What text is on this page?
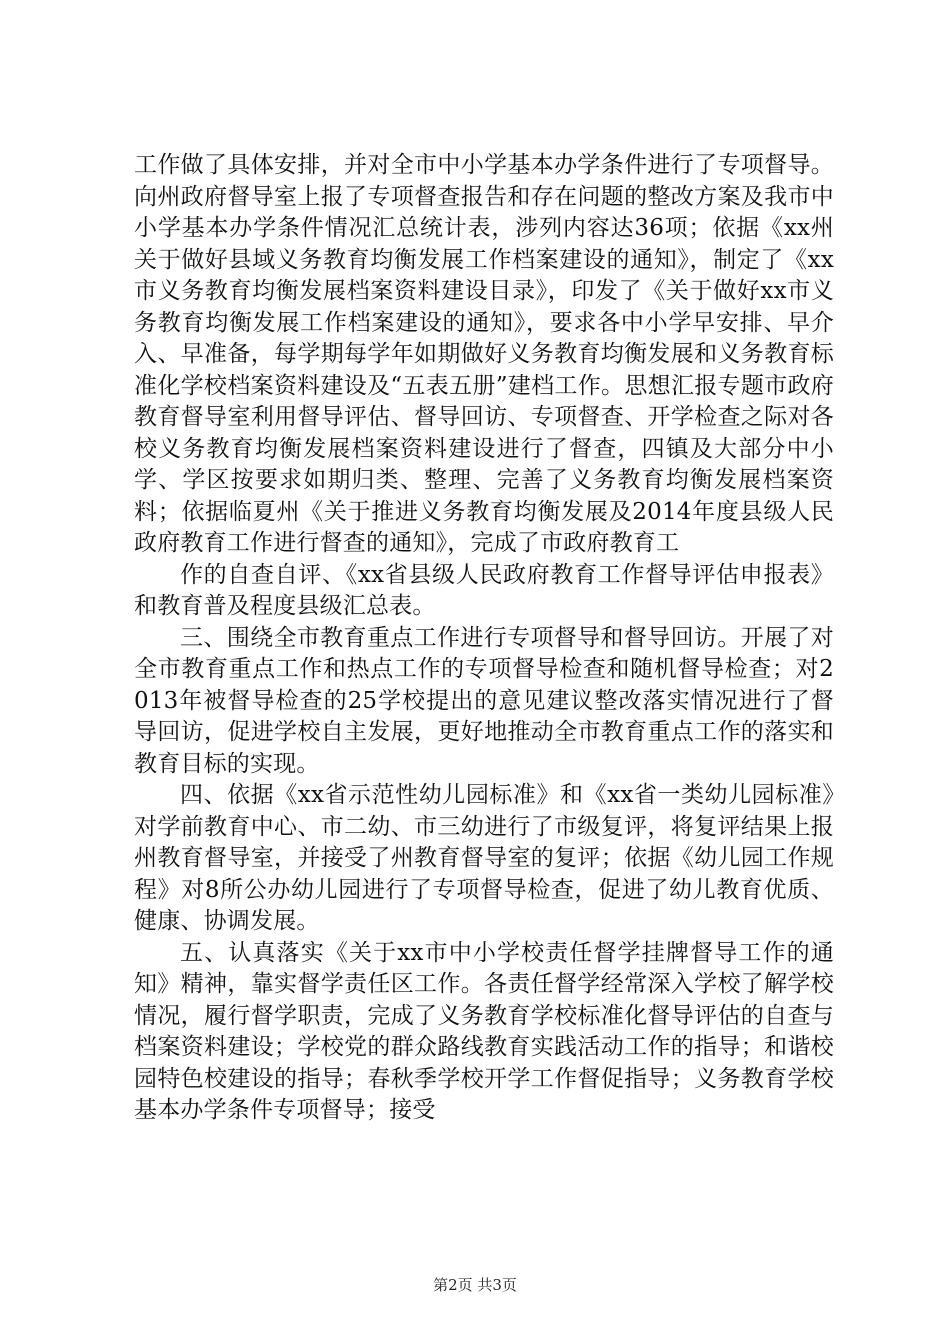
工作做了具体安排，并对全市中小学基本办学条件进行了专项督导。向州政府督导室上报了专项督查报告和存在问题的整改方案及我市中小学基本办学条件情况汇总统计表，涉列内容达36项；依据《xx州关于做好县域义务教育均衡发展工作档案建设的通知》，制定了《xx市义务教育均衡发展档案资料建设目录》，印发了《关于做好xx市义务教育均衡发展工作档案建设的通知》，要求各中小学早安排、早介入、早准备，每学期每学年如期做好义务教育均衡发展和义务教育标准化学校档案资料建设及“五表五册”建档工作。思想汇报专题市政府教育督导室利用督导评估、督导回访、专项督查、开学检查之际对各校义务教育均衡发展档案资料建设进行了督查，四镇及大部分中小学、学区按要求如期归类、整理、完善了义务教育均衡发展档案资料；依据临夏州《关于推进义务教育均衡发展及2014年度县级人民政府教育工作进行督查的通知》，完成了市政府教育工

作的自查自评、《xx省县级人民政府教育工作督导评估申报表》和教育普及程度县级汇总表。

三、围绕全市教育重点工作进行专项督导和督导回访。开展了对全市教育重点工作和热点工作的专项督导检查和随机督导检查；对2013年被督导检查的25学校提出的意见建议整改落实情况进行了督导回访，促进学校自主发展，更好地推动全市教育重点工作的落实和教育目标的实现。

四、依据《xx省示范性幼儿园标准》和《xx省一类幼儿园标准》对学前教育中心、市二幼、市三幼进行了市级复评，将复评结果上报州教育督导室，并接受了州教育督导室的复评；依据《幼儿园工作规程》对8所公办幼儿园进行了专项督导检查，促进了幼儿教育优质、健康、协调发展。

五、认真落实《关于xx市中小学校责任督学挂牌督导工作的通知》精神，靠实督学责任区工作。各责任督学经常深入学校了解学校情况，履行督学职责，完成了义务教育学校标准化督导评估的自查与档案资料建设；学校党的群众路线教育实践活动工作的指导；和谐校园特色校建设的指导；春秋季学校开学工作督促指导；义务教育学校基本办学条件专项督导；接受

第2页 共3页
